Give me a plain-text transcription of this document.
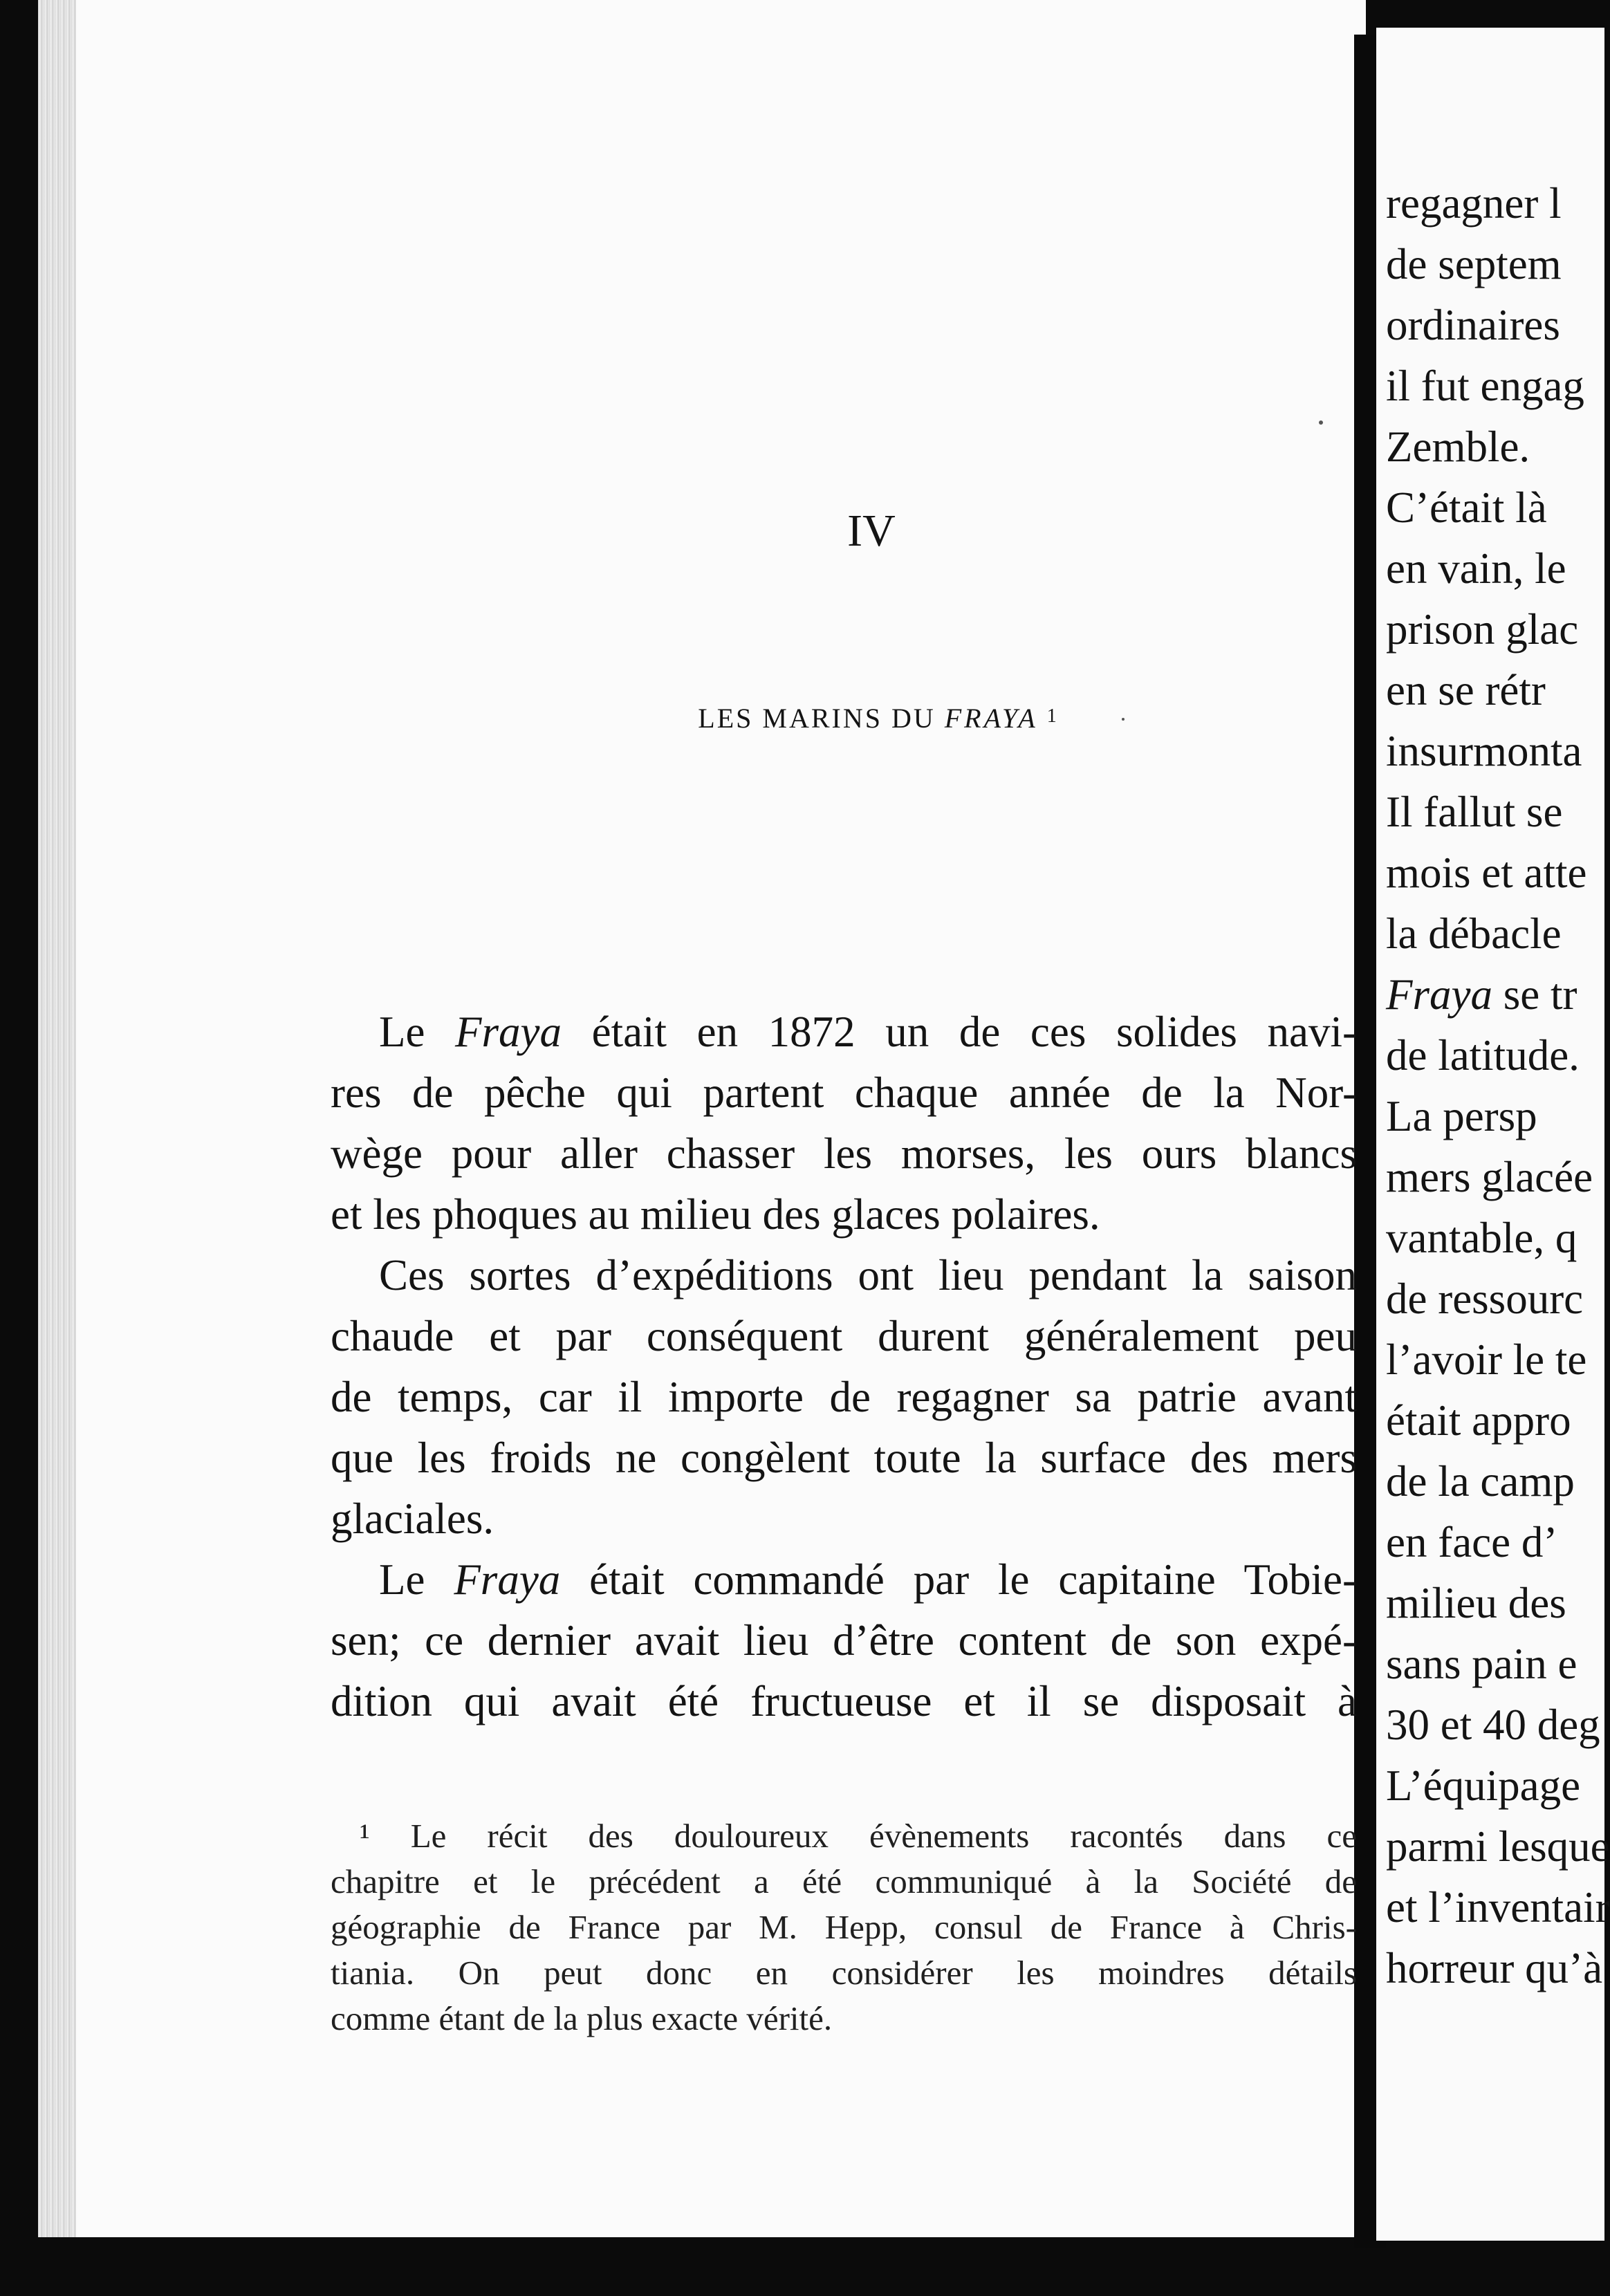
IV
LES MARINS DU FRAYA $^1$
Le Fraya était en 1872 un de ces solides navi-
res de pêche qui partent chaque année de la Nor-
wège pour aller chasser les morses, les ours blancs
et les phoques au milieu des glaces polaires.
Ces sortes d’expéditions ont lieu pendant la saison
chaude et par conséquent durent généralement peu
de temps, car il importe de regagner sa patrie avant
que les froids ne congèlent toute la surface des mers
glaciales.
Le Fraya était commandé par le capitaine Tobie-
sen; ce dernier avait lieu d’être content de son expé-
dition qui avait été fructueuse et il se disposait à
¹ Le récit des douloureux évènements racontés dans ce
chapitre et le précédent a été communiqué à la Société de
géographie de France par M. Hepp, consul de France à Chris-
tiania. On peut donc en considérer les moindres détails
comme étant de la plus exacte vérité.
regagner l
de septem
ordinaires
il fut engag
Zemble.
C’était là
en vain, le
prison glac
en se rétr
insurmonta
Il fallut se
mois et atte
la débacle
Fraya se tr
de latitude.
La persp
mers glacée
vantable, q
de ressourc
l’avoir le te
était appro
de la camp
en face d’
milieu des
sans pain e
30 et 40 deg
L’équipage
parmi lesque
et l’inventair
horreur qu’à
